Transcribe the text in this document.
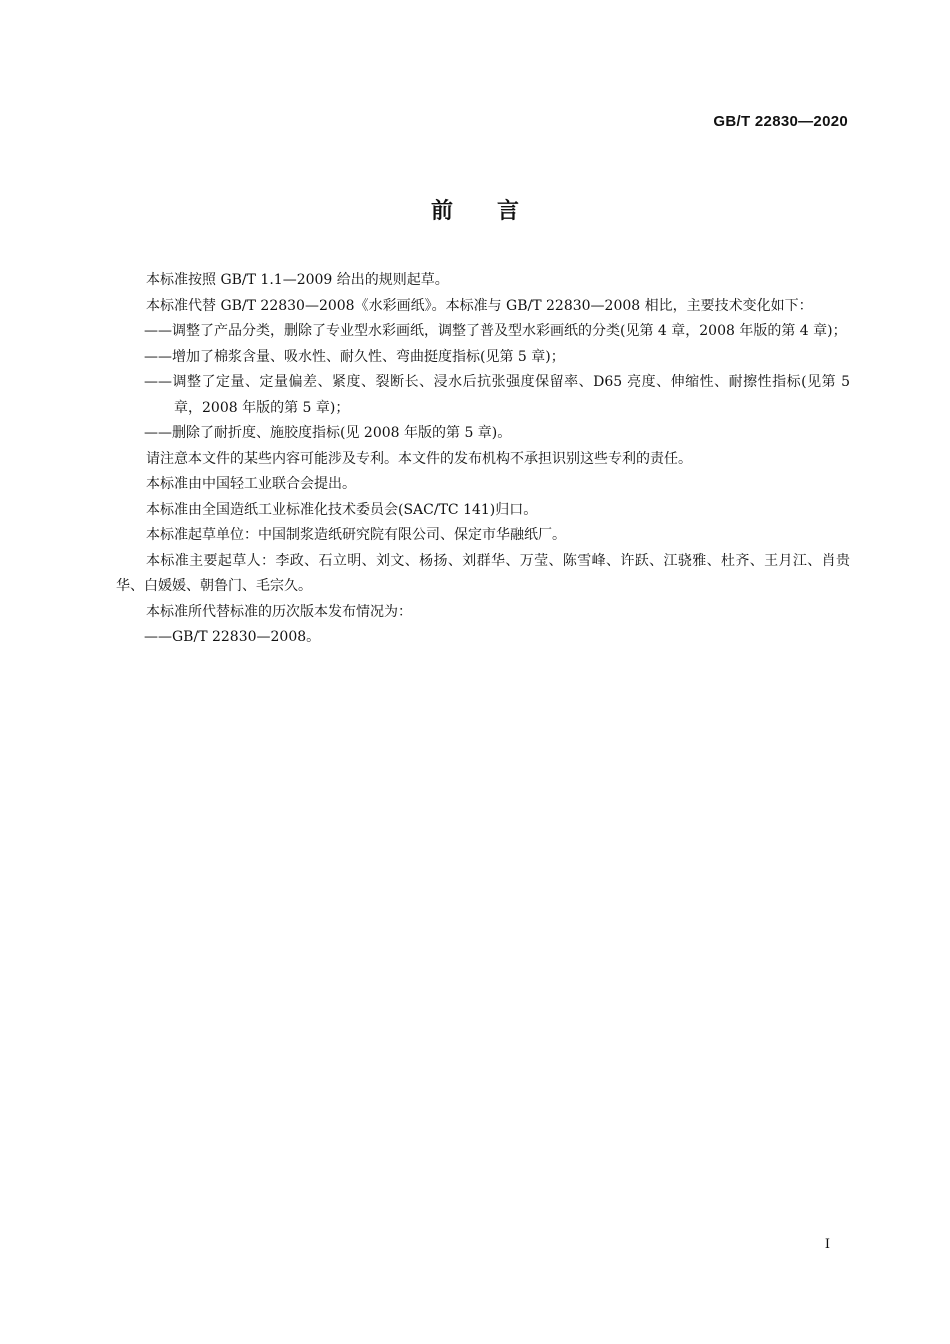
GB/T 22830—2020
前言

本标准按照 GB/T 1.1—2009 给出的规则起草。

本标准代替 GB/T 22830—2008《水彩画纸》。本标准与 GB/T 22830—2008 相比，主要技术变化如下：

——调整了产品分类，删除了专业型水彩画纸，调整了普及型水彩画纸的分类(见第 4 章，2008 年版的第 4 章)；

——增加了棉浆含量、吸水性、耐久性、弯曲挺度指标(见第 5 章)；

——调整了定量、定量偏差、紧度、裂断长、浸水后抗张强度保留率、D65 亮度、伸缩性、耐擦性指标(见第 5 章，2008 年版的第 5 章)；

——删除了耐折度、施胶度指标(见 2008 年版的第 5 章)。

请注意本文件的某些内容可能涉及专利。本文件的发布机构不承担识别这些专利的责任。

本标准由中国轻工业联合会提出。

本标准由全国造纸工业标准化技术委员会(SAC/TC 141)归口。

本标准起草单位：中国制浆造纸研究院有限公司、保定市华融纸厂。

本标准主要起草人：李政、石立明、刘文、杨扬、刘群华、万莹、陈雪峰、许跃、江骁雅、杜齐、王月江、肖贵华、白媛媛、朝鲁门、毛宗久。

本标准所代替标准的历次版本发布情况为：

——GB/T 22830—2008。

I
